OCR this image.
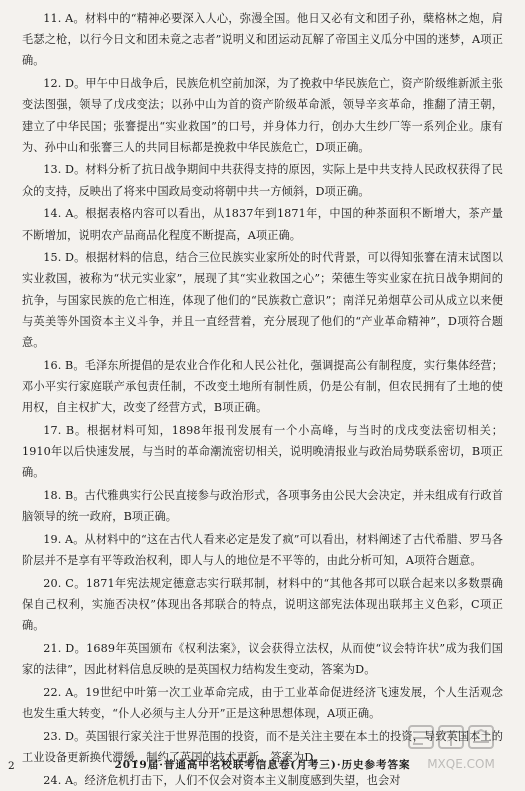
11. A。材料中的“精神必要深入人心，弥漫全国。他日又必有文和团子孙，蘖格林之炮，肩毛瑟之枪，以行今日文和团未竟之志者”说明义和团运动瓦解了帝国主义瓜分中国的迷梦，A项正确。

12. D。甲午中日战争后，民族危机空前加深，为了挽救中华民族危亡，资产阶级维新派主张变法图强，领导了戊戌变法；以孙中山为首的资产阶级革命派，领导辛亥革命，推翻了清王朝，建立了中华民国；张謇提出“实业救国”的口号，并身体力行，创办大生纱厂等一系列企业。康有为、孙中山和张謇三人的共同目标都是挽救中华民族危亡，D项正确。

13. D。材料分析了抗日战争期间中共获得支持的原因，实际上是中共支持人民政权获得了民众的支持，反映出了将来中国政局变动将朝中共一方倾斜，D项正确。

14. A。根据表格内容可以看出，从1837年到1871年，中国的种茶面积不断增大，茶产量不断增加，说明农产品商品化程度不断提高，A项正确。

15. D。根据材料的信息，结合三位民族实业家所处的时代背景，可以得知张謇在清末试图以实业救国，被称为“状元实业家”，展现了其“实业救国之心”；荣德生等实业家在抗日战争期间的抗争，与国家民族的危亡相连，体现了他们的“民族救亡意识”；南洋兄弟烟草公司从成立以来便与英美等外国资本主义斗争，并且一直经营着，充分展现了他们的“产业革命精神”，D项符合题意。

16. B。毛泽东所提倡的是农业合作化和人民公社化，强调提高公有制程度，实行集体经营；邓小平实行家庭联产承包责任制，不改变土地所有制性质，仍是公有制，但农民拥有了土地的使用权，自主权扩大，改变了经营方式，B项正确。

17. B。根据材料可知，1898年报刊发展有一个小高峰，与当时的戊戌变法密切相关；1910年以后快速发展，与当时的革命潮流密切相关，说明晚清报业与政治局势联系密切，B项正确。

18. B。古代雅典实行公民直接参与政治形式，各项事务由公民大会决定，并未组成有行政首脑领导的统一政府，B项正确。

19. A。从材料中的“这在古代人看来必定是发了疯”可以看出，材料阐述了古代希腊、罗马各阶层并不是享有平等政治权利，即人与人的地位是不平等的，由此分析可知，A项符合题意。

20. C。1871年宪法规定德意志实行联邦制，材料中的“其他各邦可以联合起来以多数票确保自己权利，实施否决权”体现出各邦联合的特点，说明这部宪法体现出联邦主义色彩，C项正确。

21. D。1689年英国颁布《权利法案》，议会获得立法权，从而使“议会特许状”成为我们国家的法律”，因此材料信息反映的是英国权力结构发生变动，答案为D。

22. A。19世纪中叶第一次工业革命完成，由于工业革命促进经济飞速发展，个人生活观念也发生重大转变，“仆人必须与主人分开”正是这种思想体现，A项正确。

23. D。英国银行家关注于世界范围的投资，而不是关注主要在本土的投资，导致英国本土的工业设备更新换代滞缓，制约了英国的技术更新，答案为D。

24. A。经济危机打击下，人们不仅会对资本主义制度感到失望，也会对

2	2019届·普通高中名校联考信息卷(月考三)·历史参考答案	MXQE.COM
